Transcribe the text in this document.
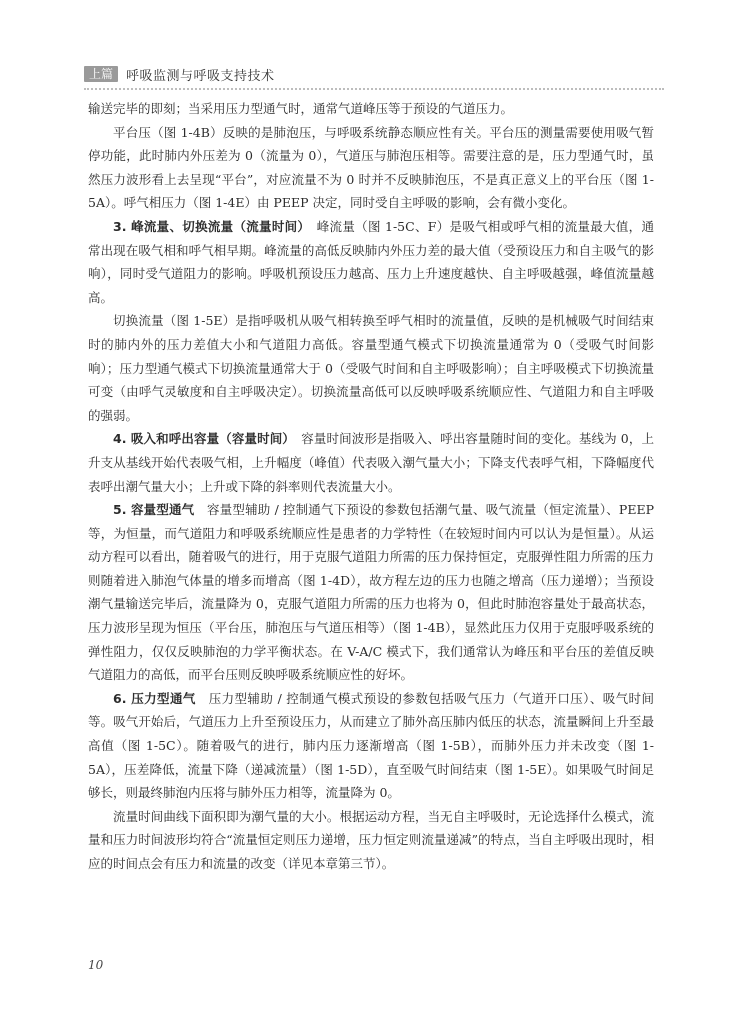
上篇	呼吸监测与呼吸支持技术

输送完毕的即刻；当采用压力型通气时，通常气道峰压等于预设的气道压力。

平台压（图 1-4B）反映的是肺泡压，与呼吸系统静态顺应性有关。平台压的测量需要使用吸气暂停功能，此时肺内外压差为 0（流量为 0），气道压与肺泡压相等。需要注意的是，压力型通气时，虽然压力波形看上去呈现“平台”，对应流量不为 0 时并不反映肺泡压，不是真正意义上的平台压（图 1-5A）。呼气相压力（图 1-4E）由 PEEP 决定，同时受自主呼吸的影响，会有微小变化。

3. 峰流量、切换流量（流量时间）　 峰流量（图 1-5C、F）是吸气相或呼气相的流量最大值，通常出现在吸气相和呼气相早期。峰流量的高低反映肺内外压力差的最大值（受预设压力和自主吸气的影响），同时受气道阻力的影响。呼吸机预设压力越高、压力上升速度越快、自主呼吸越强，峰值流量越高。

切换流量（图 1-5E）是指呼吸机从吸气相转换至呼气相时的流量值，反映的是机械吸气时间结束时的肺内外的压力差值大小和气道阻力高低。容量型通气模式下切换流量通常为 0（受吸气时间影响）；压力型通气模式下切换流量通常大于 0（受吸气时间和自主呼吸影响）；自主呼吸模式下切换流量可变（由呼气灵敏度和自主呼吸决定）。切换流量高低可以反映呼吸系统顺应性、气道阻力和自主呼吸的强弱。

4. 吸入和呼出容量（容量时间）　 容量时间波形是指吸入、呼出容量随时间的变化。基线为 0，上升支从基线开始代表吸气相，上升幅度（峰值）代表吸入潮气量大小；下降支代表呼气相，下降幅度代表呼出潮气量大小；上升或下降的斜率则代表流量大小。

5. 容量型通气　 容量型辅助 / 控制通气下预设的参数包括潮气量、吸气流量（恒定流量）、PEEP 等，为恒量，而气道阻力和呼吸系统顺应性是患者的力学特性（在较短时间内可以认为是恒量）。从运动方程可以看出，随着吸气的进行，用于克服气道阻力所需的压力保持恒定，克服弹性阻力所需的压力则随着进入肺泡气体量的增多而增高（图 1-4D），故方程左边的压力也随之增高（压力递增）；当预设潮气量输送完毕后，流量降为 0，克服气道阻力所需的压力也将为 0，但此时肺泡容量处于最高状态，压力波形呈现为恒压（平台压，肺泡压与气道压相等）（图 1-4B），显然此压力仅用于克服呼吸系统的弹性阻力，仅仅反映肺泡的力学平衡状态。在 V-A/C 模式下，我们通常认为峰压和平台压的差值反映气道阻力的高低，而平台压则反映呼吸系统顺应性的好坏。

6. 压力型通气　 压力型辅助 / 控制通气模式预设的参数包括吸气压力（气道开口压）、吸气时间等。吸气开始后，气道压力上升至预设压力，从而建立了肺外高压肺内低压的状态，流量瞬间上升至最高值（图 1-5C）。随着吸气的进行，肺内压力逐渐增高（图 1-5B），而肺外压力并未改变（图 1-5A），压差降低，流量下降（递减流量）（图 1-5D），直至吸气时间结束（图 1-5E）。如果吸气时间足够长，则最终肺泡内压将与肺外压力相等，流量降为 0。

流量时间曲线下面积即为潮气量的大小。根据运动方程，当无自主呼吸时，无论选择什么模式，流量和压力时间波形均符合“流量恒定则压力递增，压力恒定则流量递减”的特点，当自主呼吸出现时，相应的时间点会有压力和流量的改变（详见本章第三节）。

10
